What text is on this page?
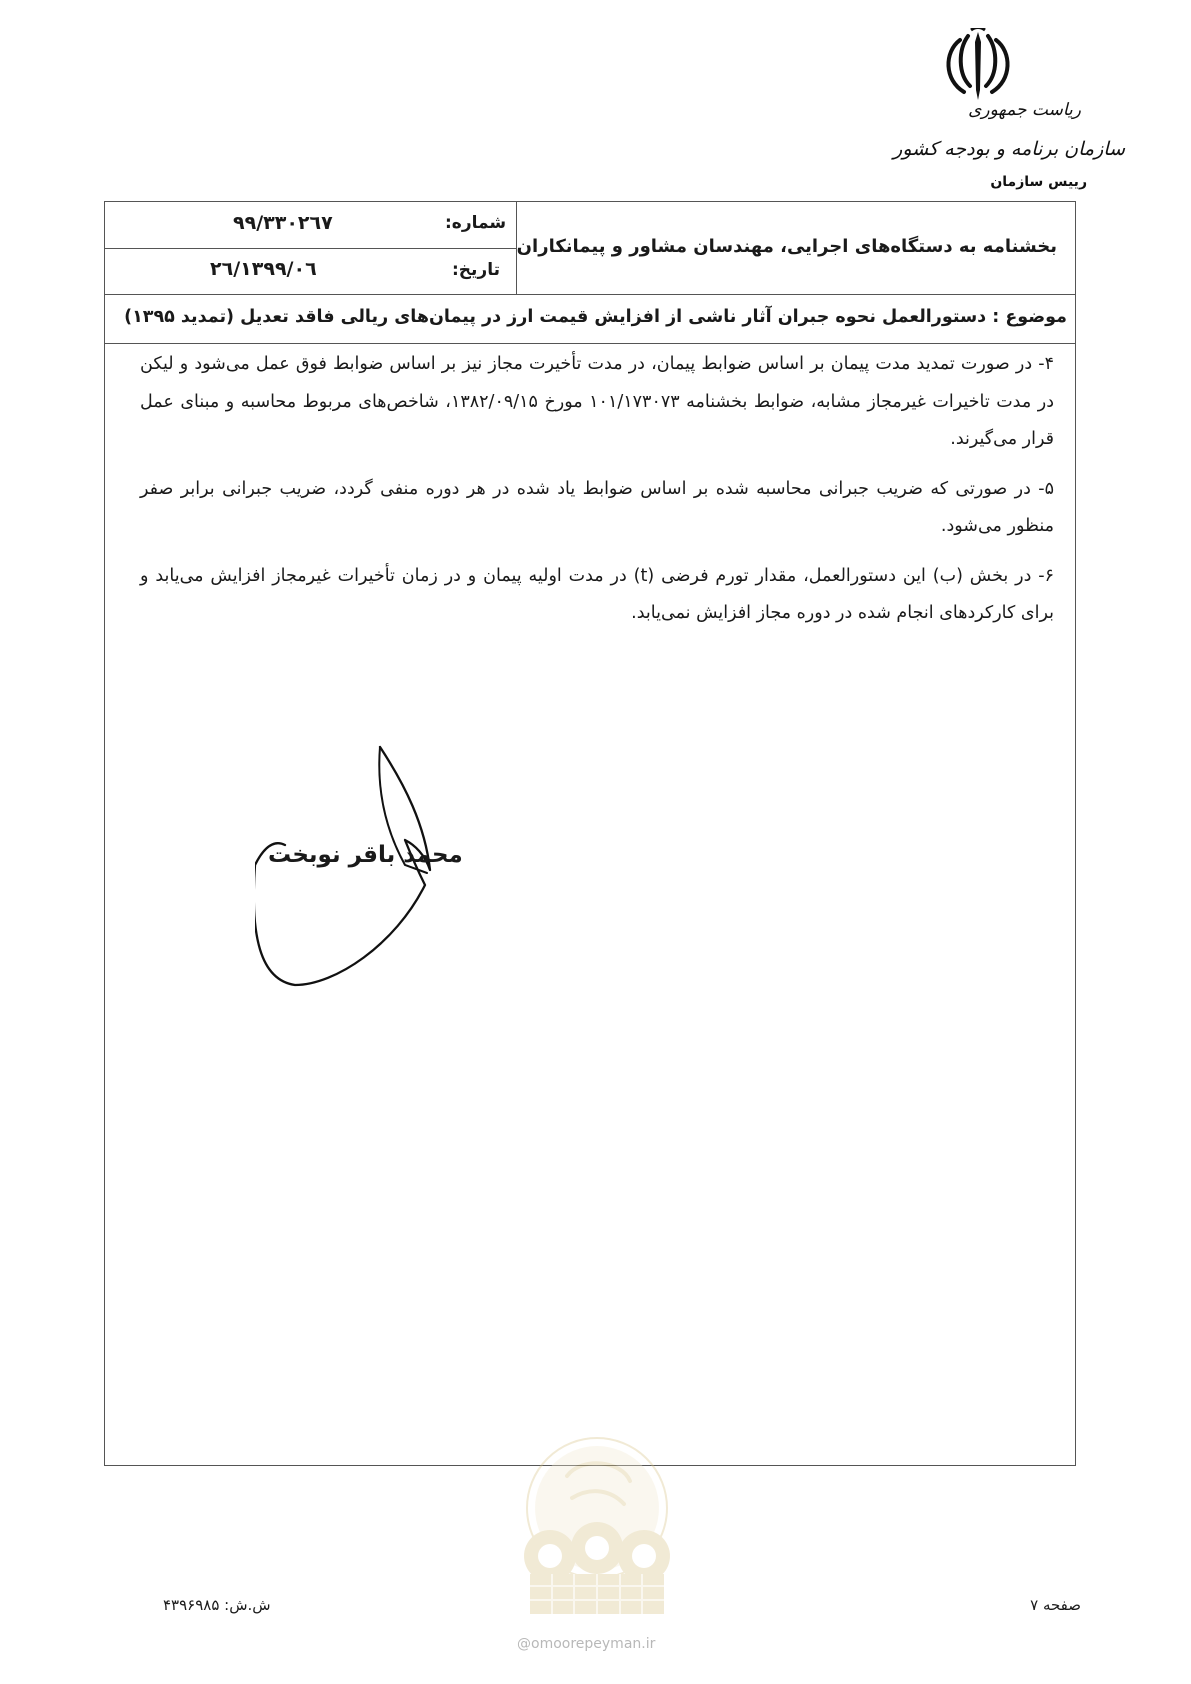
ریاست جمهوری
سازمان برنامه و بودجه کشور
رییس سازمان
بخشنامه به دستگاه‌های اجرایی، مهندسان مشاور و پیمانکاران
شماره:
۹۹/۳۳۰۲٦۷
تاریخ:
۱۳۹۹/۰٦/۲٦
موضوع : دستورالعمل نحوه جبران آثار ناشی از افزایش قیمت ارز در پیمان‌های ریالی فاقد تعدیل (تمدید ۱۳۹۵)

۴- در صورت تمدید مدت پیمان بر اساس ضوابط پیمان، در مدت تأخیرت مجاز نیز بر اساس ضوابط فوق عمل می‌شود و لیکن در مدت تاخیرات غیرمجاز مشابه، ضوابط بخشنامه ۱۰۱/۱۷۳۰۷۳ مورخ ۱۳۸۲/۰۹/۱۵، شاخص‌های مربوط محاسبه و مبنای عمل قرار می‌گیرند.

۵- در صورتی که ضریب جبرانی محاسبه شده بر اساس ضوابط یاد شده در هر دوره منفی گردد، ضریب جبرانی برابر صفر منظور می‌شود.

۶- در بخش (ب) این دستورالعمل، مقدار تورم فرضی (t) در مدت اولیه پیمان و در زمان تأخیرات غیرمجاز افزایش می‌یابد و برای کارکردهای انجام شده در دوره مجاز افزایش نمی‌یابد.

محمد باقر نوبخت
صفحه ۷
ش.ش: ۴۳۹۶۹۸۵
@omoorepeyman.ir
